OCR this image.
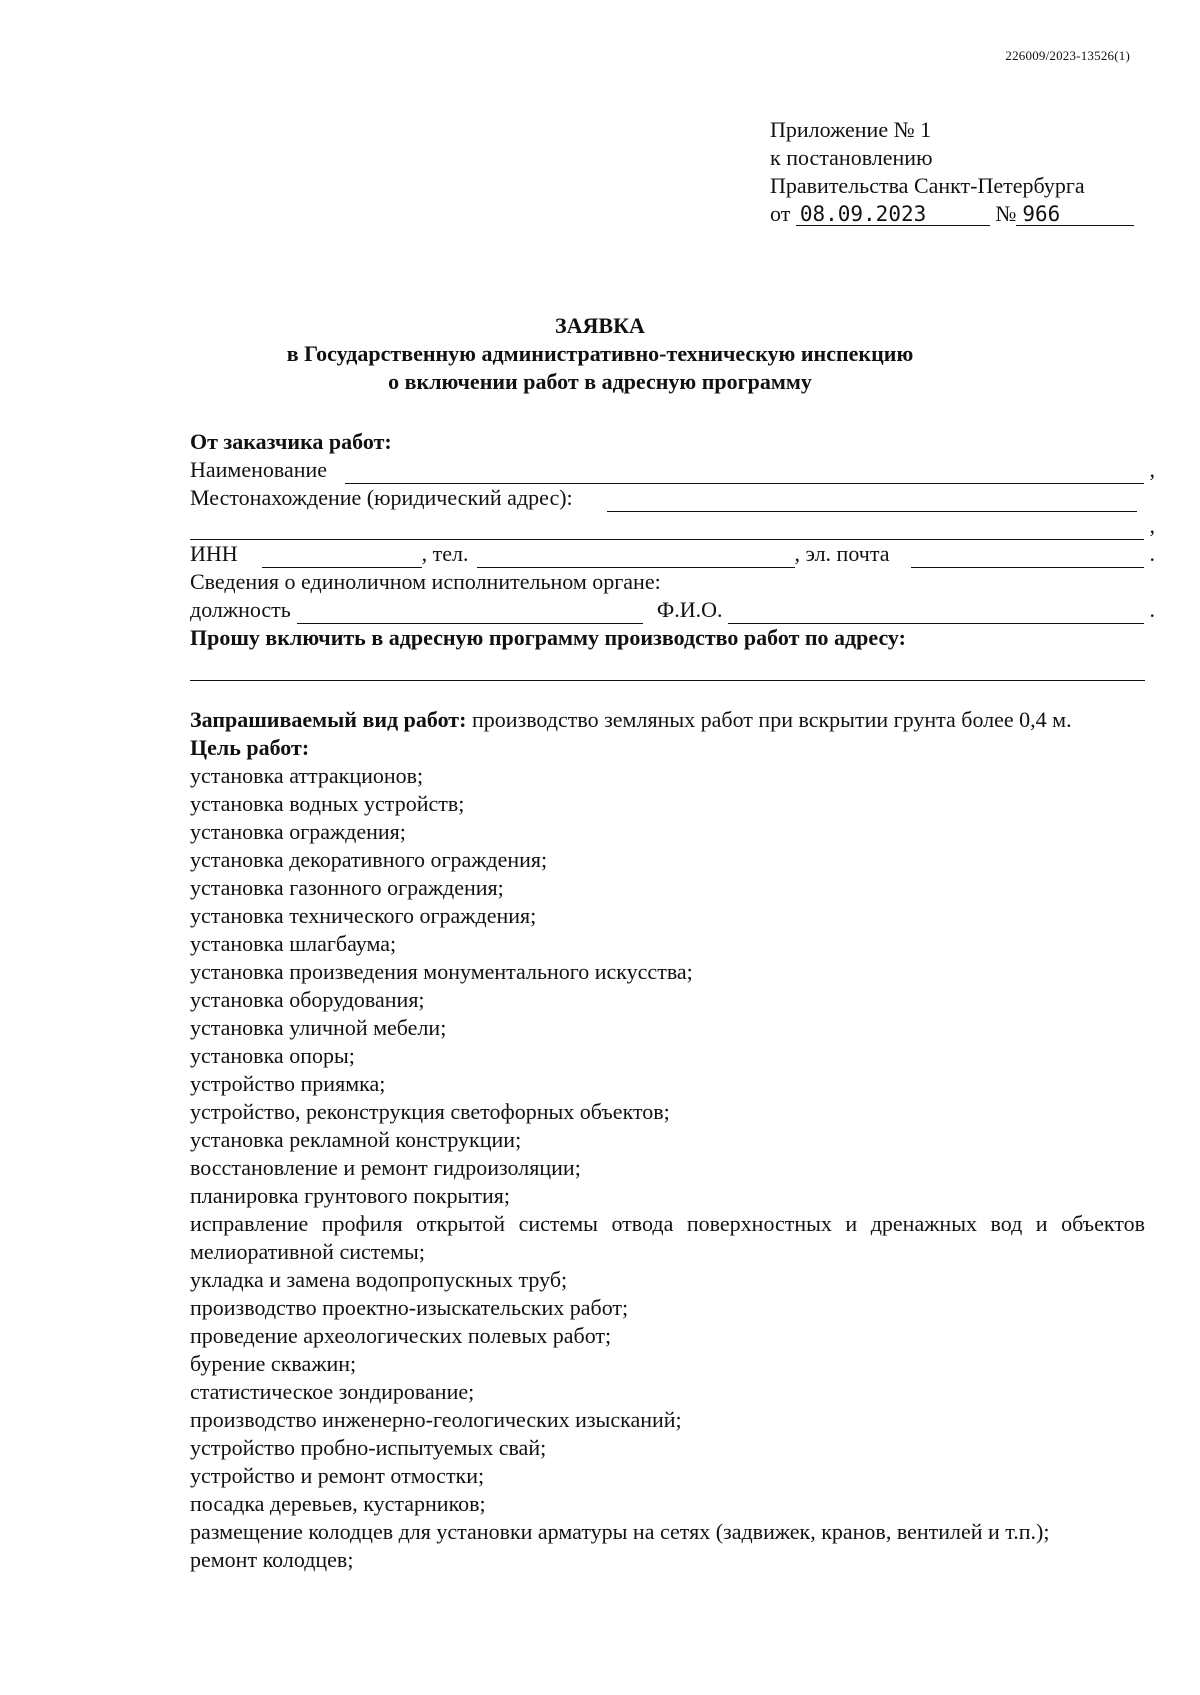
226009/2023-13526(1)
Приложение № 1
к постановлению
Правительства Санкт-Петербурга
от 08.09.2023	№ 966
ЗАЯВКА
в Государственную административно-техническую инспекцию
о включении работ в адресную программу
От заказчика работ:
Наименование	,
Местонахождение (юридический адрес):
,
ИНН	, тел.	, эл. почта	.
Сведения о единоличном исполнительном органе:
должность	Ф.И.О.	.
Прошу включить в адресную программу производство работ по адресу:
Запрашиваемый вид работ: производство земляных работ при вскрытии грунта более 0,4 м.
Цель работ:
установка аттракционов;
установка водных устройств;
установка ограждения;
установка декоративного ограждения;
установка газонного ограждения;
установка технического ограждения;
установка шлагбаума;
установка произведения монументального искусства;
установка оборудования;
установка уличной мебели;
установка опоры;
устройство приямка;
устройство, реконструкция светофорных объектов;
установка рекламной конструкции;
восстановление и ремонт гидроизоляции;
планировка грунтового покрытия;
исправление профиля открытой системы отвода поверхностных и дренажных вод и объектов мелиоративной системы;
укладка и замена водопропускных труб;
производство проектно-изыскательских работ;
проведение археологических полевых работ;
бурение скважин;
статистическое зондирование;
производство инженерно-геологических изысканий;
устройство пробно-испытуемых свай;
устройство и ремонт отмостки;
посадка деревьев, кустарников;
размещение колодцев для установки арматуры на сетях (задвижек, кранов, вентилей и т.п.);
ремонт колодцев;
